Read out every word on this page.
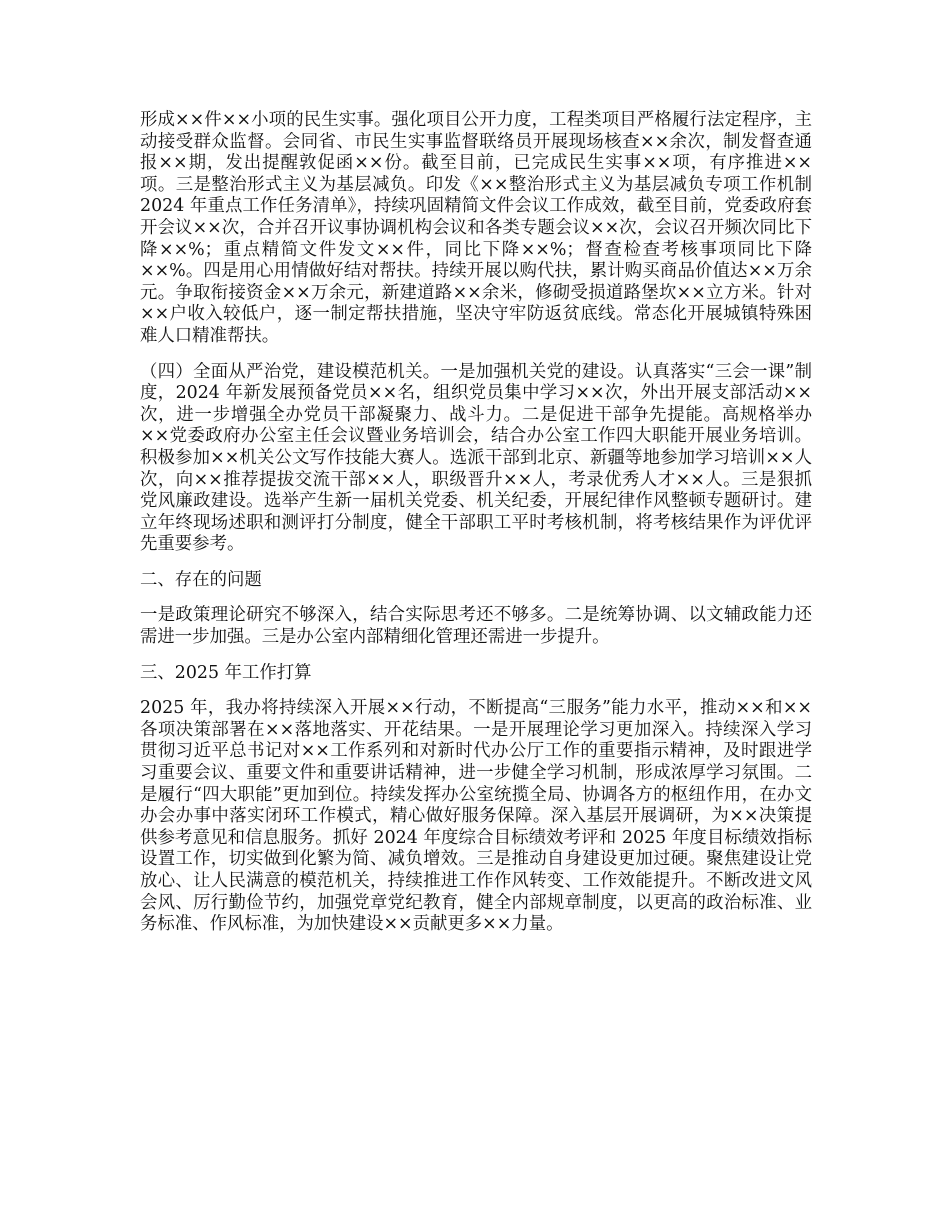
形成××件××小项的民生实事。强化项目公开力度，工程类项目严格履行法定程序，主动接受群众监督。会同省、市民生实事监督联络员开展现场核查××余次，制发督查通报××期，发出提醒敦促函××份。截至目前，已完成民生实事××项，有序推进××项。三是整治形式主义为基层减负。印发《××整治形式主义为基层减负专项工作机制 2024 年重点工作任务清单》，持续巩固精简文件会议工作成效，截至目前，党委政府套开会议××次，合并召开议事协调机构会议和各类专题会议××次，会议召开频次同比下降××%；重点精简文件发文××件，同比下降××%；督查检查考核事项同比下降××%。四是用心用情做好结对帮扶。持续开展以购代扶，累计购买商品价值达××万余元。争取衔接资金××万余元，新建道路××余米，修砌受损道路堡坎××立方米。针对××户收入较低户，逐一制定帮扶措施，坚决守牢防返贫底线。常态化开展城镇特殊困难人口精准帮扶。

（四）全面从严治党，建设模范机关。一是加强机关党的建设。认真落实“三会一课”制度，2024 年新发展预备党员××名，组织党员集中学习××次，外出开展支部活动××次，进一步增强全办党员干部凝聚力、战斗力。二是促进干部争先提能。高规格举办××党委政府办公室主任会议暨业务培训会，结合办公室工作四大职能开展业务培训。积极参加××机关公文写作技能大赛人。选派干部到北京、新疆等地参加学习培训××人次，向××推荐提拔交流干部××人，职级晋升××人，考录优秀人才××人。三是狠抓党风廉政建设。选举产生新一届机关党委、机关纪委，开展纪律作风整顿专题研讨。建立年终现场述职和测评打分制度，健全干部职工平时考核机制，将考核结果作为评优评先重要参考。

二、存在的问题

一是政策理论研究不够深入，结合实际思考还不够多。二是统筹协调、以文辅政能力还需进一步加强。三是办公室内部精细化管理还需进一步提升。

三、2025 年工作打算

2025 年，我办将持续深入开展××行动，不断提高“三服务”能力水平，推动××和××各项决策部署在××落地落实、开花结果。一是开展理论学习更加深入。持续深入学习贯彻习近平总书记对××工作系列和对新时代办公厅工作的重要指示精神，及时跟进学习重要会议、重要文件和重要讲话精神，进一步健全学习机制，形成浓厚学习氛围。二是履行“四大职能”更加到位。持续发挥办公室统揽全局、协调各方的枢纽作用，在办文办会办事中落实闭环工作模式，精心做好服务保障。深入基层开展调研，为××决策提供参考意见和信息服务。抓好 2024 年度综合目标绩效考评和 2025 年度目标绩效指标设置工作，切实做到化繁为简、减负增效。三是推动自身建设更加过硬。聚焦建设让党放心、让人民满意的模范机关，持续推进工作作风转变、工作效能提升。不断改进文风会风、厉行勤俭节约，加强党章党纪教育，健全内部规章制度，以更高的政治标准、业务标准、作风标准，为加快建设××贡献更多××力量。
